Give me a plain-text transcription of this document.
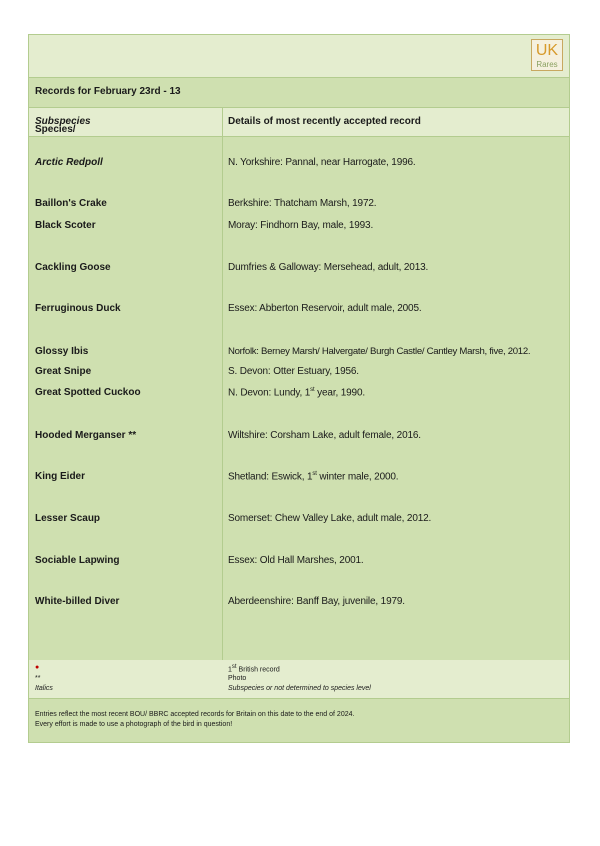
UK
Rares
Records for February 23rd - 13
Species/
Subspecies	Details of most recently accepted record
Arctic Redpoll	N. Yorkshire: Pannal, near Harrogate, 1996.
Baillon's Crake	Berkshire: Thatcham Marsh, 1972.
Black Scoter	Moray: Findhorn Bay, male, 1993.
Cackling Goose	Dumfries & Galloway: Mersehead, adult, 2013.
Ferruginous Duck	Essex: Abberton Reservoir, adult male, 2005.
Glossy Ibis	Norfolk: Berney Marsh/ Halvergate/ Burgh Castle/ Cantley Marsh, five, 2012.
Great Snipe	S. Devon: Otter Estuary, 1956.
Great Spotted Cuckoo	N. Devon: Lundy, 1st year, 1990.
Hooded Merganser **	Wiltshire: Corsham Lake, adult female, 2016.
King Eider	Shetland: Eswick, 1st winter male, 2000.
Lesser Scaup	Somerset: Chew Valley Lake, adult male, 2012.
Sociable Lapwing	Essex: Old Hall Marshes, 2001.
White-billed Diver	Aberdeenshire: Banff Bay, juvenile, 1979.
●	1st British record
**	Photo
Italics	Subspecies or not determined to species level
Entries reflect the most recent BOU/ BBRC accepted records for Britain on this date to the end of 2024.
Every effort is made to use a photograph of the bird in question!
